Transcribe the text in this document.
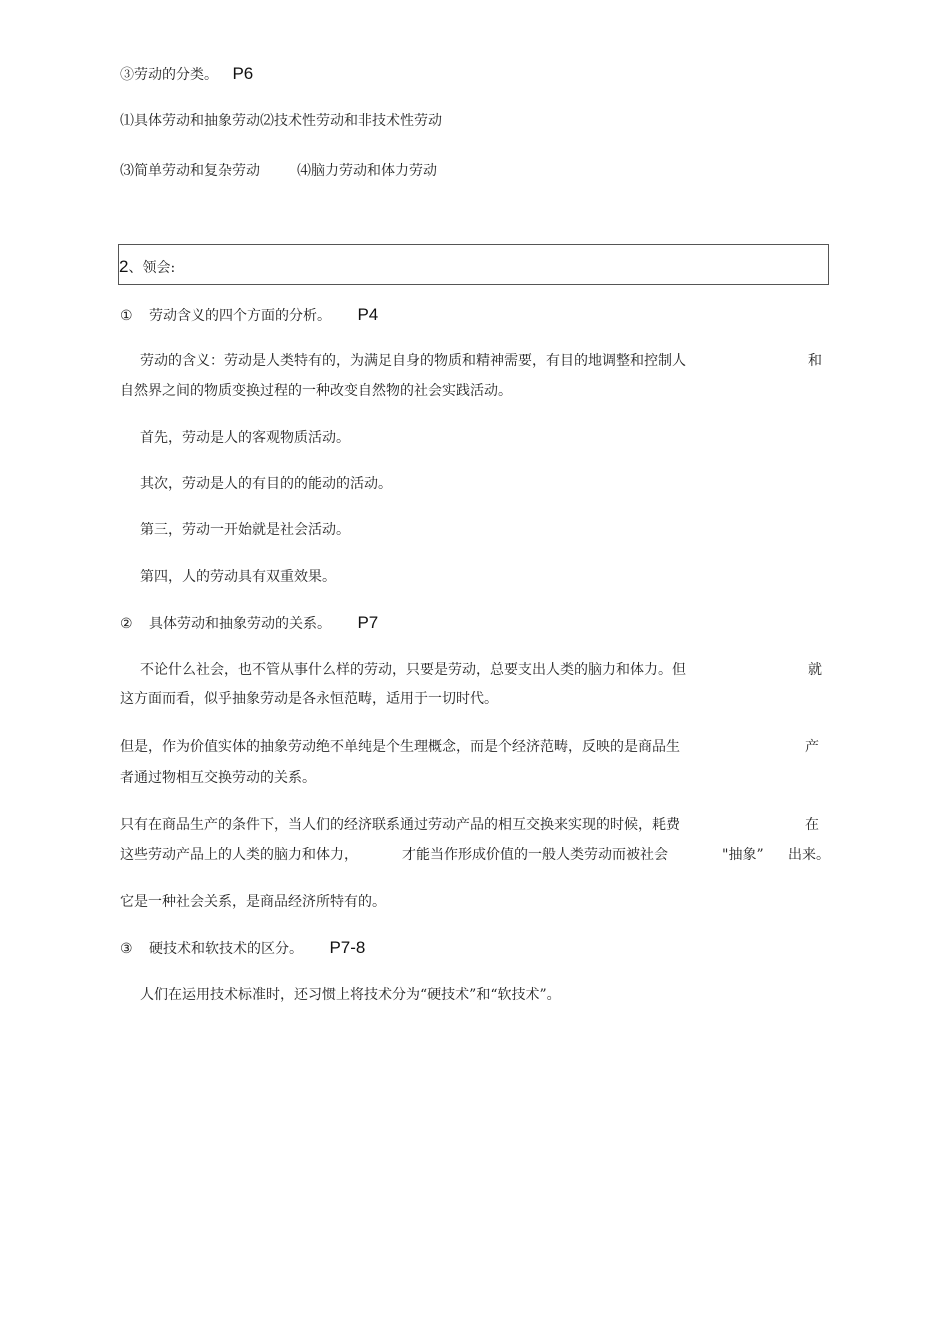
③劳动的分类。 P6
⑴具体劳动和抽象劳动⑵技术性劳动和非技术性劳动
⑶简单劳动和复杂劳动	⑷脑力劳动和体力劳动
2、领会:
① 劳动含义的四个方面的分析。 P4
劳动的含义：劳动是人类特有的，为满足自身的物质和精神需要，有目的地调整和控制人	和
自然界之间的物质变换过程的一种改变自然物的社会实践活动。
首先，劳动是人的客观物质活动。
其次，劳动是人的有目的的能动的活动。
第三，劳动一开始就是社会活动。
第四，人的劳动具有双重效果。
② 具体劳动和抽象劳动的关系。 P7
不论什么社会，也不管从事什么样的劳动，只要是劳动，总要支出人类的脑力和体力。但	就
这方面而看，似乎抽象劳动是各永恒范畴，适用于一切时代。
但是，作为价值实体的抽象劳动绝不单纯是个生理概念，而是个经济范畴，反映的是商品生	产
者通过物相互交换劳动的关系。
只有在商品生产的条件下，当人们的经济联系通过劳动产品的相互交换来实现的时候，耗费	在
这些劳动产品上的人类的脑力和体力，	才能当作形成价值的一般人类劳动而被社会	"抽象” 出来。
它是一种社会关系，是商品经济所特有的。
③ 硬技术和软技术的区分。 P7-8
人们在运用技术标准时，还习惯上将技术分为“硬技术”和“软技术”。
